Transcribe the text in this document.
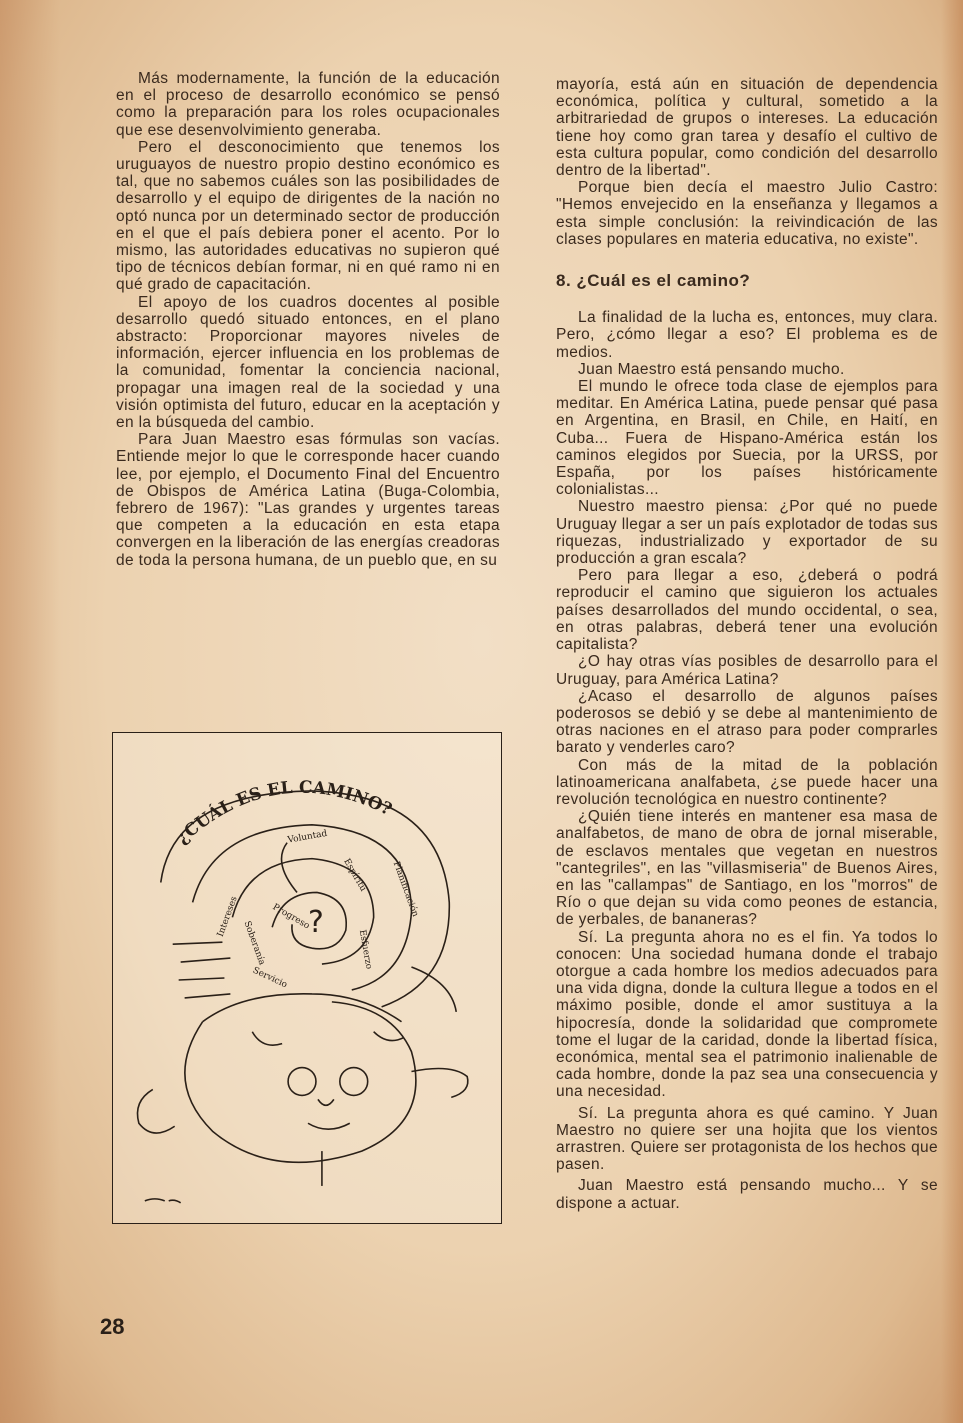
Más modernamente, la función de la educación en el proceso de desarrollo económico se pensó como la preparación para los roles ocupacionales que ese desenvolvimiento generaba.

Pero el desconocimiento que tenemos los uruguayos de nuestro propio destino económico es tal, que no sabemos cuáles son las posibilidades de desarrollo y el equipo de dirigentes de la nación no optó nunca por un determinado sector de producción en el que el país debiera poner el acento. Por lo mismo, las autoridades educativas no supieron qué tipo de técnicos debían formar, ni en qué ramo ni en qué grado de capacitación.

El apoyo de los cuadros docentes al posible desarrollo quedó situado entonces, en el plano abstracto: Proporcionar mayores niveles de información, ejercer influencia en los problemas de la comunidad, fomentar la conciencia nacional, propagar una imagen real de la sociedad y una visión optimista del futuro, educar en la aceptación y en la búsqueda del cambio.

Para Juan Maestro esas fórmulas son vacías. Entiende mejor lo que le corresponde hacer cuando lee, por ejemplo, el Documento Final del Encuentro de Obispos de América Latina (Buga-Colombia, febrero de 1967): "Las grandes y urgentes tareas que competen a la educación en esta etapa convergen en la liberación de las energías creadoras de toda la persona humana, de un pueblo que, en su

mayoría, está aún en situación de dependencia económica, política y cultural, sometido a la arbitrariedad de grupos o intereses. La educación tiene hoy como gran tarea y desafío el cultivo de esta cultura popular, como condición del desarrollo dentro de la libertad".

Porque bien decía el maestro Julio Castro: "Hemos envejecido en la enseñanza y llegamos a esta simple conclusión: la reivindicación de las clases populares en materia educativa, no existe".

8. ¿Cuál es el camino?

La finalidad de la lucha es, entonces, muy clara. Pero, ¿cómo llegar a eso? El problema es de medios.

Juan Maestro está pensando mucho.

El mundo le ofrece toda clase de ejemplos para meditar. En América Latina, puede pensar qué pasa en Argentina, en Brasil, en Chile, en Haití, en Cuba... Fuera de Hispano-América están los caminos elegidos por Suecia, por la URSS, por España, por los países históricamente colonialistas...

Nuestro maestro piensa: ¿Por qué no puede Uruguay llegar a ser un país explotador de todas sus riquezas, industrializado y exportador de su producción a gran escala?

Pero para llegar a eso, ¿deberá o podrá reproducir el camino que siguieron los actuales países desarrollados del mundo occidental, o sea, en otras palabras, deberá tener una evolución capitalista?

¿O hay otras vías posibles de desarrollo para el Uruguay, para América Latina?

¿Acaso el desarrollo de algunos países poderosos se debió y se debe al mantenimiento de otras naciones en el atraso para poder comprarles barato y venderles caro?

Con más de la mitad de la población latinoamericana analfabeta, ¿se puede hacer una revolución tecnológica en nuestro continente?

¿Quién tiene interés en mantener esa masa de analfabetos, de mano de obra de jornal miserable, de esclavos mentales que vegetan en nuestros "cantegriles", en las "villasmiseria" de Buenos Aires, en las "callampas" de Santiago, en los "morros" de Río o que dejan su vida como peones de estancia, de yerbales, de bananeras?

Sí. La pregunta ahora no es el fin. Ya todos lo conocen: Una sociedad humana donde el trabajo otorgue a cada hombre los medios adecuados para una vida digna, donde la cultura llegue a todos en el máximo posible, donde el amor sustituya a la hipocresía, donde la solidaridad que compromete tome el lugar de la caridad, donde la libertad física, económica, mental sea el patrimonio inalienable de cada hombre, donde la paz sea una consecuencia y una necesidad.

Sí. La pregunta ahora es qué camino. Y Juan Maestro no quiere ser una hojita que los vientos arrastren. Quiere ser protagonista de los hechos que pasen.

Juan Maestro está pensando mucho... Y se dispone a actuar.

¿CUÁL ES EL CAMINO?
?
Voluntad
Intereses	Planificación
Espíritu
Esfuerzo
Progreso
Servicio
Soberanía
28
